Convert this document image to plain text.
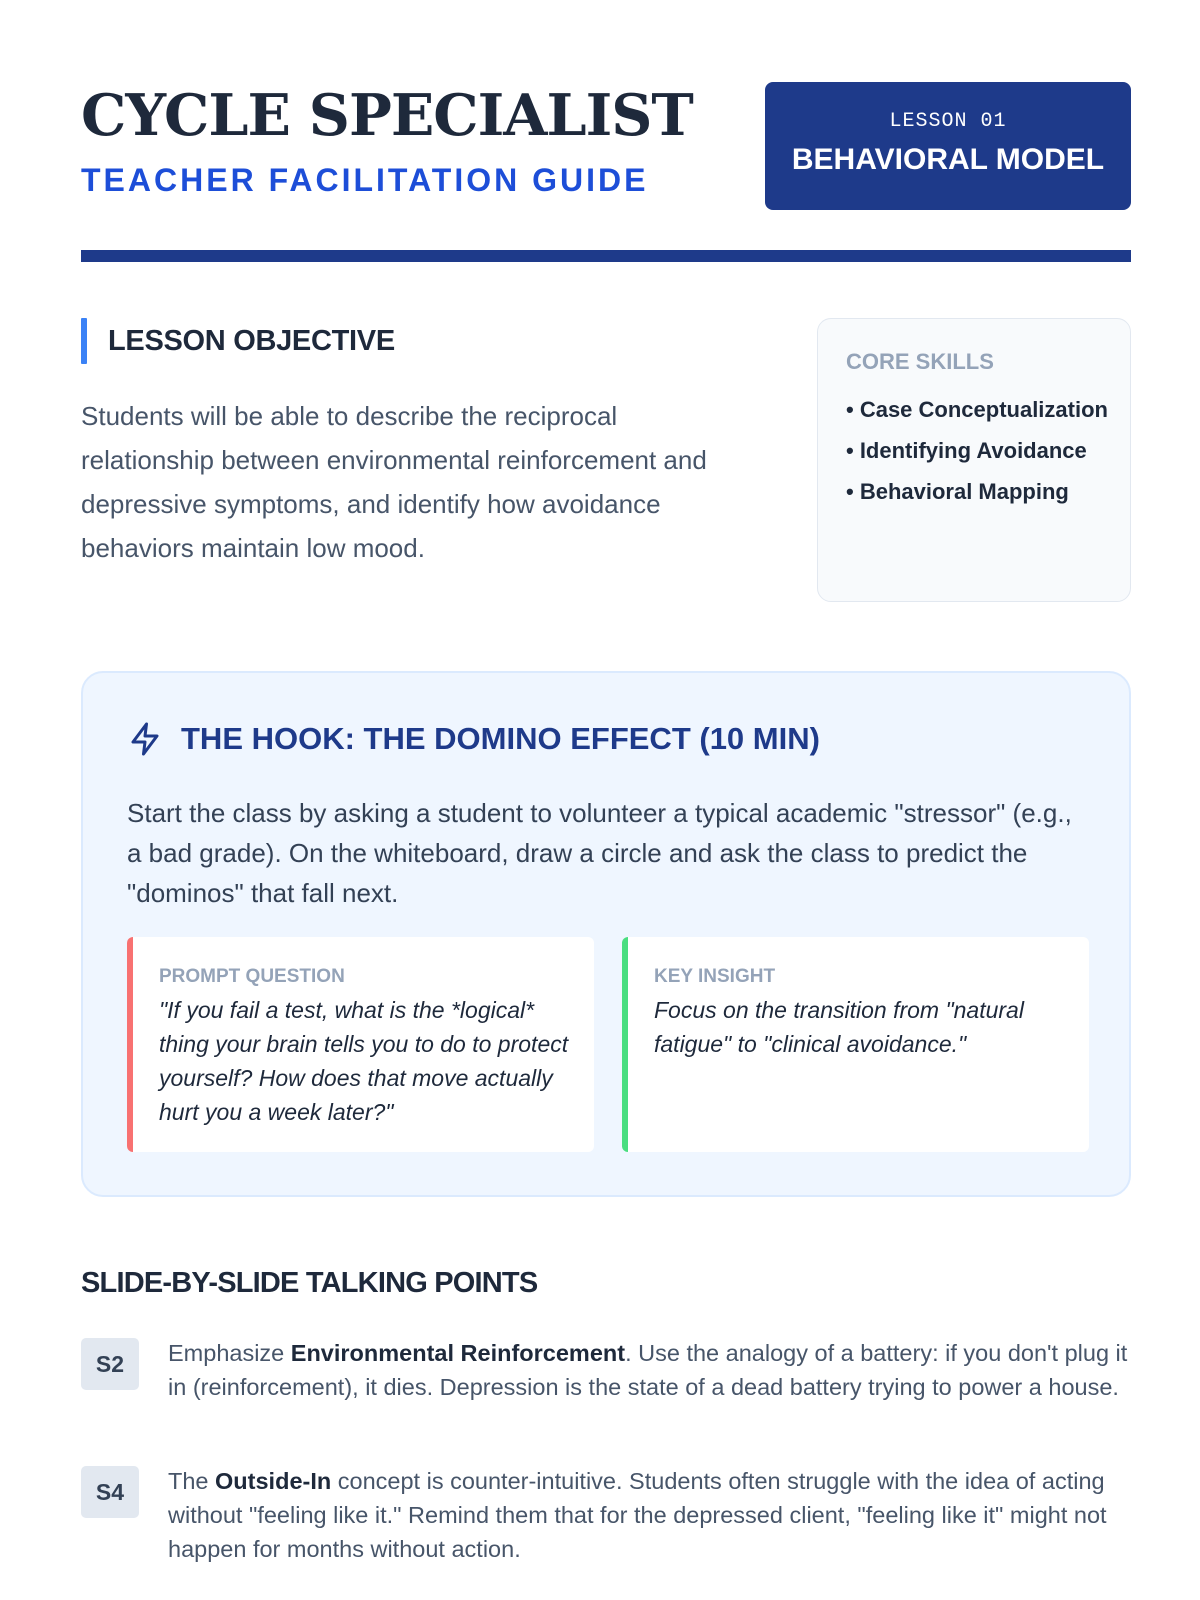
CYCLE SPECIALIST
TEACHER FACILITATION GUIDE
LESSON 01
BEHAVIORAL MODEL
LESSON OBJECTIVE
Students will be able to describe the reciprocal relationship between environmental reinforcement and depressive symptoms, and identify how avoidance behaviors maintain low mood.
CORE SKILLS
• Case Conceptualization
• Identifying Avoidance
• Behavioral Mapping
THE HOOK: THE DOMINO EFFECT (10 MIN)
Start the class by asking a student to volunteer a typical academic "stressor" (e.g., a bad grade). On the whiteboard, draw a circle and ask the class to predict the "dominos" that fall next.
PROMPT QUESTION
"If you fail a test, what is the *logical* thing your brain tells you to do to protect yourself? How does that move actually hurt you a week later?"
KEY INSIGHT
Focus on the transition from "natural fatigue" to "clinical avoidance."
SLIDE-BY-SLIDE TALKING POINTS
S2	Emphasize Environmental Reinforcement. Use the analogy of a battery: if you don't plug it in (reinforcement), it dies. Depression is the state of a dead battery trying to power a house.
S4	The Outside-In concept is counter-intuitive. Students often struggle with the idea of acting without "feeling like it." Remind them that for the depressed client, "feeling like it" might not happen for months without action.
